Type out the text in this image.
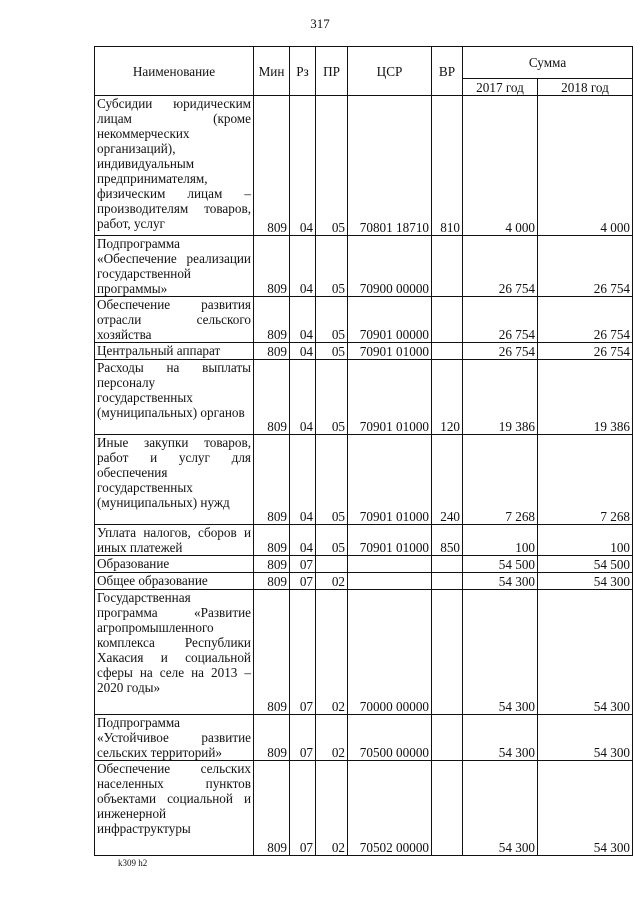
317
Наименование	Мин	Рз	ПР	ЦСР	ВР	Сумма	
						2017 год	2018 год
Субсидии юридическим лицам (кроме некоммерческих организаций), индивидуальным предпринимателям, физическим лицам – производителям товаров, работ, услуг	809	04	05	70801 18710	810	4 000	4 000
Подпрограмма «Обеспечение реализации государственной программы»	809	04	05	70900 00000		26 754	26 754
Обеспечение развития отрасли сельского хозяйства	809	04	05	70901 00000		26 754	26 754
Центральный аппарат	809	04	05	70901 01000		26 754	26 754
Расходы на выплаты персоналу государственных (муниципальных) органов	809	04	05	70901 01000	120	19 386	19 386
Иные закупки товаров, работ и услуг для обеспечения государственных (муниципальных) нужд	809	04	05	70901 01000	240	7 268	7 268
Уплата налогов, сборов и иных платежей	809	04	05	70901 01000	850	100	100
Образование	809	07				54 500	54 500
Общее образование	809	07	02			54 300	54 300
Государственная программа «Развитие агропромышленного комплекса Республики Хакасия и социальной сферы на селе на 2013 – 2020 годы»	809	07	02	70000 00000		54 300	54 300
Подпрограмма «Устойчивое развитие сельских территорий»	809	07	02	70500 00000		54 300	54 300
Обеспечение сельских населенных пунктов объектами социальной и инженерной инфраструктуры	809	07	02	70502 00000		54 300	54 300
k309 h2
